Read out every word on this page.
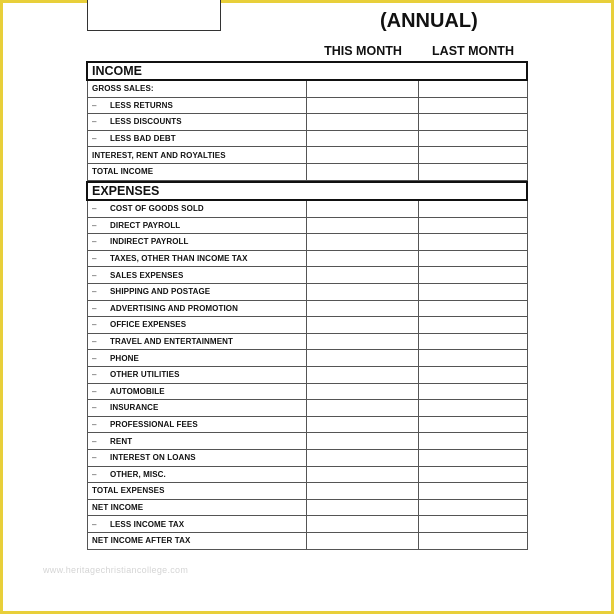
(ANNUAL)
THIS MONTH	LAST MONTH
INCOME
GROSS SALES:
–	LESS RETURNS
–	LESS DISCOUNTS
–	LESS BAD DEBT
INTEREST, RENT AND ROYALTIES
TOTAL INCOME
EXPENSES
–	COST OF GOODS SOLD
–	DIRECT PAYROLL
–	INDIRECT PAYROLL
–	TAXES, OTHER THAN INCOME TAX
–	SALES EXPENSES
–	SHIPPING AND POSTAGE
–	ADVERTISING AND PROMOTION
–	OFFICE EXPENSES
–	TRAVEL AND ENTERTAINMENT
–	PHONE
–	OTHER UTILITIES
–	AUTOMOBILE
–	INSURANCE
–	PROFESSIONAL FEES
–	RENT
–	INTEREST ON LOANS
–	OTHER, MISC.
TOTAL EXPENSES
NET INCOME
–	LESS INCOME TAX
NET INCOME AFTER TAX
www.heritagechristiancollege.com
